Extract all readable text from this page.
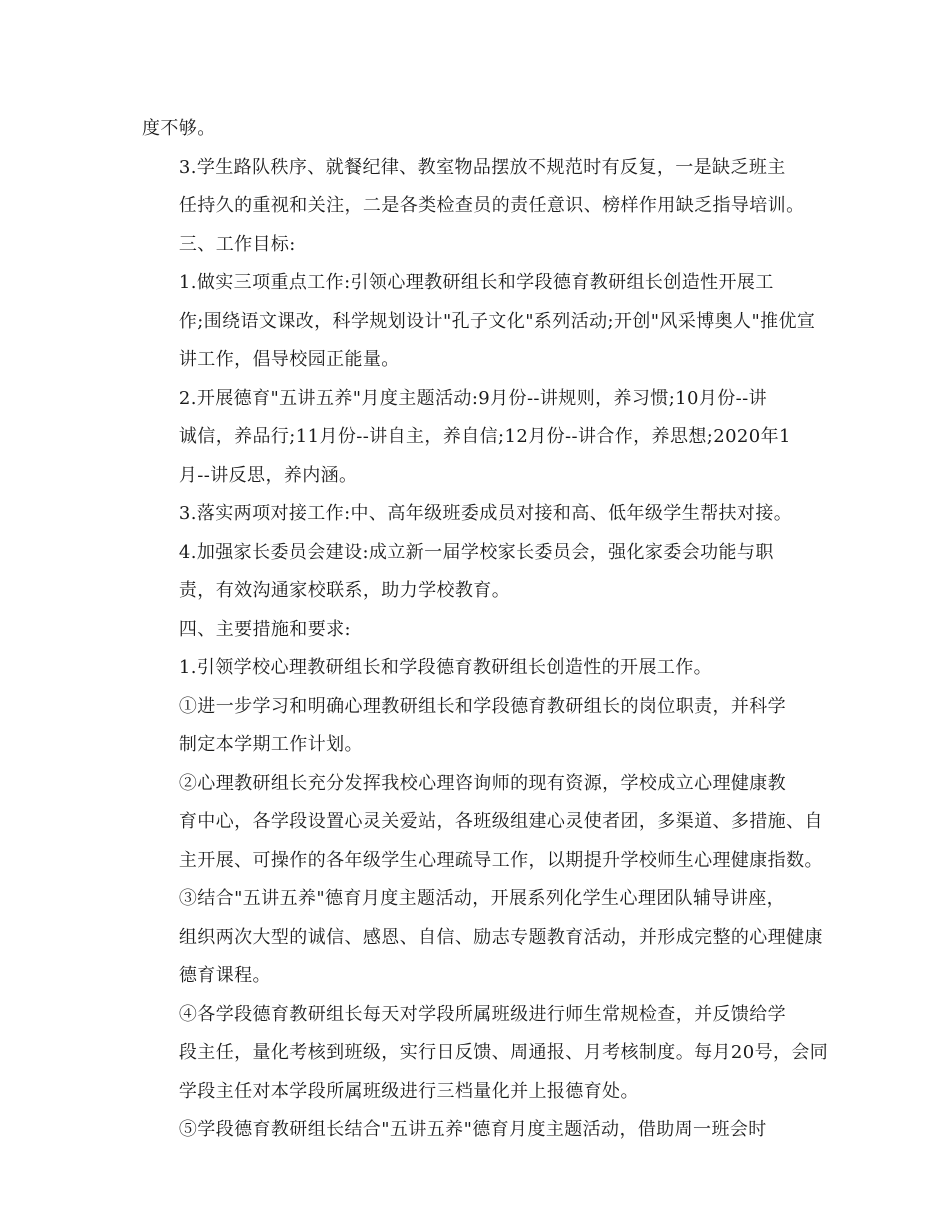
度不够。

3.学生路队秩序、就餐纪律、教室物品摆放不规范时有反复，一是缺乏班主
任持久的重视和关注，二是各类检查员的责任意识、榜样作用缺乏指导培训。

三、工作目标:

1.做实三项重点工作:引领心理教研组长和学段德育教研组长创造性开展工
作;围绕语文课改，科学规划设计"孔子文化"系列活动;开创"风采博奥人"推优宣
讲工作，倡导校园正能量。

2.开展德育"五讲五养"月度主题活动:9月份--讲规则，养习惯;10月份--讲
诚信，养品行;11月份--讲自主，养自信;12月份--讲合作，养思想;2020年1
月--讲反思，养内涵。

3.落实两项对接工作:中、高年级班委成员对接和高、低年级学生帮扶对接。

4.加强家长委员会建设:成立新一届学校家长委员会，强化家委会功能与职
责，有效沟通家校联系，助力学校教育。

四、主要措施和要求:

1.引领学校心理教研组长和学段德育教研组长创造性的开展工作。

①进一步学习和明确心理教研组长和学段德育教研组长的岗位职责，并科学
制定本学期工作计划。

②心理教研组长充分发挥我校心理咨询师的现有资源，学校成立心理健康教
育中心，各学段设置心灵关爱站，各班级组建心灵使者团，多渠道、多措施、自
主开展、可操作的各年级学生心理疏导工作，以期提升学校师生心理健康指数。

③结合"五讲五养"德育月度主题活动，开展系列化学生心理团队辅导讲座，
组织两次大型的诚信、感恩、自信、励志专题教育活动，并形成完整的心理健康
德育课程。

④各学段德育教研组长每天对学段所属班级进行师生常规检查，并反馈给学
段主任，量化考核到班级，实行日反馈、周通报、月考核制度。每月20号，会同
学段主任对本学段所属班级进行三档量化并上报德育处。

⑤学段德育教研组长结合"五讲五养"德育月度主题活动，借助周一班会时
